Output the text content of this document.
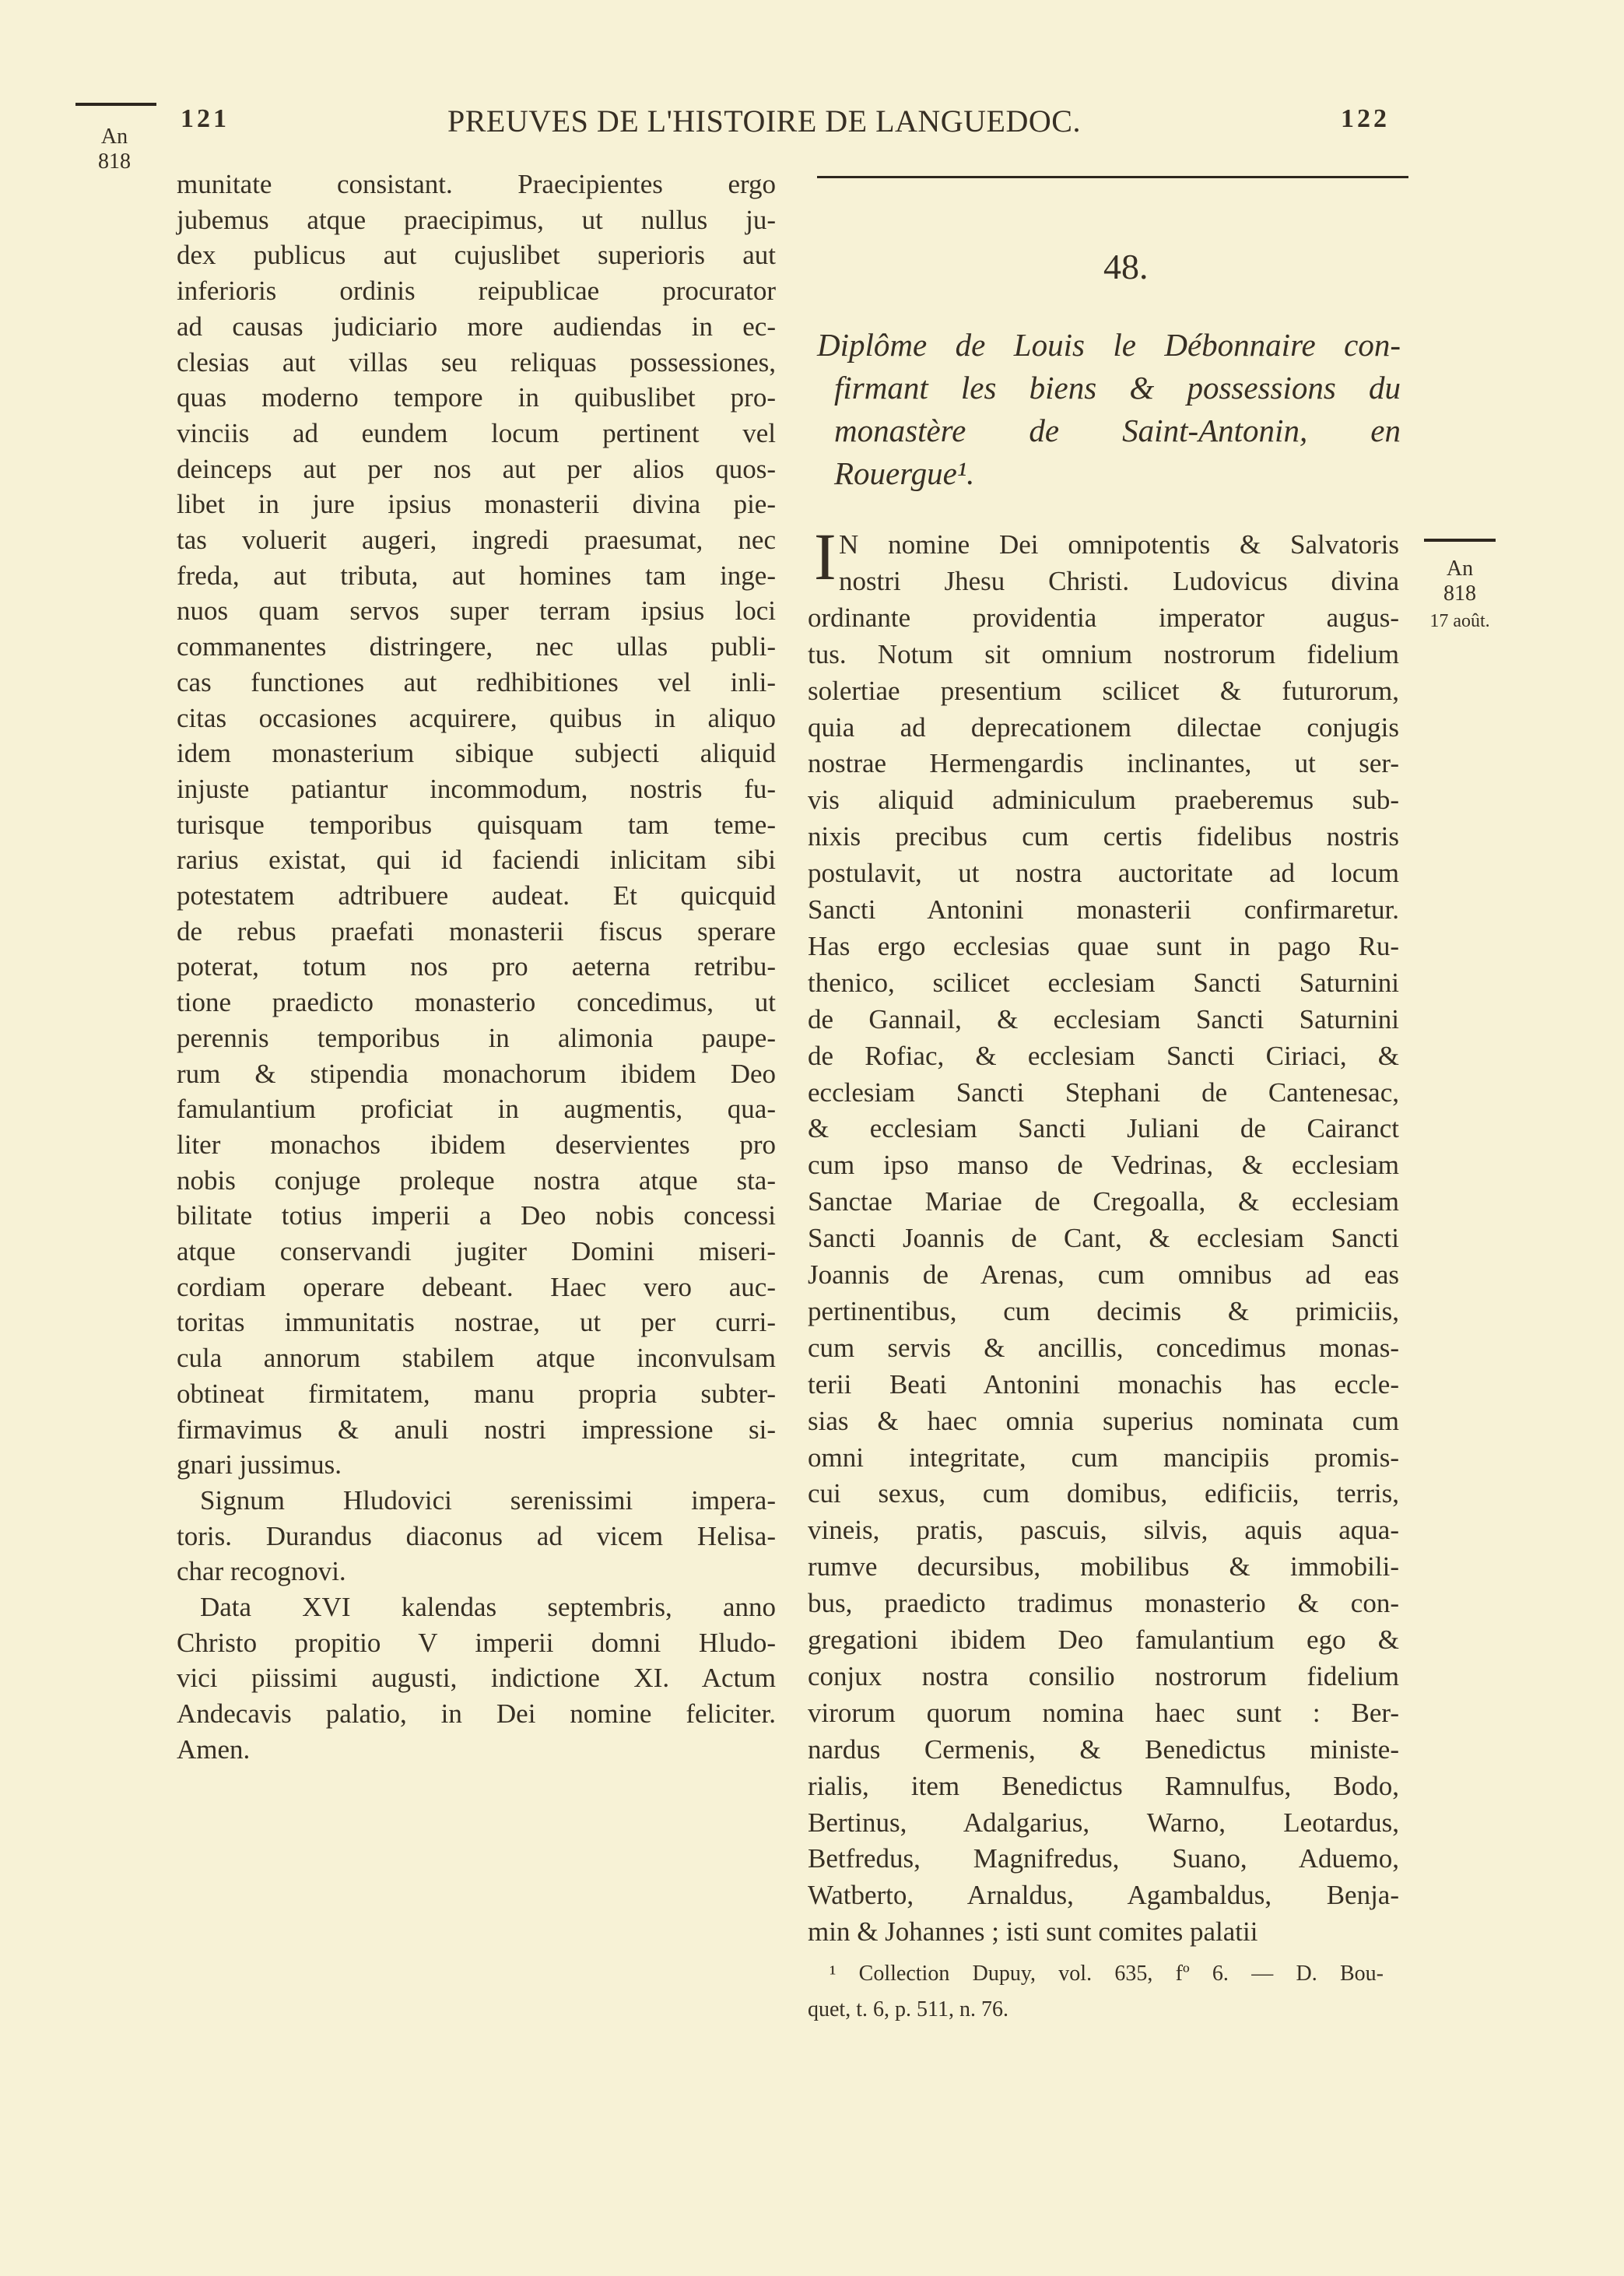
121	PREUVES DE L'HISTOIRE DE LANGUEDOC.	122
An
818
munitate consistant. Praecipientes ergo
jubemus atque praecipimus, ut nullus ju-
dex publicus aut cujuslibet superioris aut
inferioris ordinis reipublicae procurator
ad causas judiciario more audiendas in ec-
clesias aut villas seu reliquas possessiones,
quas moderno tempore in quibuslibet pro-
vinciis ad eundem locum pertinent vel
deinceps aut per nos aut per alios quos-
libet in jure ipsius monasterii divina pie-
tas voluerit augeri, ingredi praesumat, nec
freda, aut tributa, aut homines tam inge-
nuos quam servos super terram ipsius loci
commanentes distringere, nec ullas publi-
cas functiones aut redhibitiones vel inli-
citas occasiones acquirere, quibus in aliquo
idem monasterium sibique subjecti aliquid
injuste patiantur incommodum, nostris fu-
turisque temporibus quisquam tam teme-
rarius existat, qui id faciendi inlicitam sibi
potestatem adtribuere audeat. Et quicquid
de rebus praefati monasterii fiscus sperare
poterat, totum nos pro aeterna retribu-
tione praedicto monasterio concedimus, ut
perennis temporibus in alimonia paupe-
rum & stipendia monachorum ibidem Deo
famulantium proficiat in augmentis, qua-
liter monachos ibidem deservientes pro
nobis conjuge proleque nostra atque sta-
bilitate totius imperii a Deo nobis concessi
atque conservandi jugiter Domini miseri-
cordiam operare debeant. Haec vero auc-
toritas immunitatis nostrae, ut per curri-
cula annorum stabilem atque inconvulsam
obtineat firmitatem, manu propria subter-
firmavimus & anuli nostri impressione si-
gnari jussimus.
Signum Hludovici serenissimi impera-
toris. Durandus diaconus ad vicem Helisa-
char recognovi.
Data XVI kalendas septembris, anno
Christo propitio V imperii domni Hludo-
vici piissimi augusti, indictione XI. Actum
Andecavis palatio, in Dei nomine feliciter.
Amen.
48.
Diplôme de Louis le Débonnaire con-
firmant les biens & possessions du
monastère de Saint-Antonin, en
Rouergue¹.
I N nomine Dei omnipotentis & Salvatoris
nostri Jhesu Christi. Ludovicus divina
ordinante providentia imperator augus-
tus. Notum sit omnium nostrorum fidelium
solertiae presentium scilicet & futurorum,
quia ad deprecationem dilectae conjugis
nostrae Hermengardis inclinantes, ut ser-
vis aliquid adminiculum praeberemus sub-
nixis precibus cum certis fidelibus nostris
postulavit, ut nostra auctoritate ad locum
Sancti Antonini monasterii confirmaretur.
Has ergo ecclesias quae sunt in pago Ru-
thenico, scilicet ecclesiam Sancti Saturnini
de Gannail, & ecclesiam Sancti Saturnini
de Rofiac, & ecclesiam Sancti Ciriaci, &
ecclesiam Sancti Stephani de Cantenesac,
& ecclesiam Sancti Juliani de Cairanct
cum ipso manso de Vedrinas, & ecclesiam
Sanctae Mariae de Cregoalla, & ecclesiam
Sancti Joannis de Cant, & ecclesiam Sancti
Joannis de Arenas, cum omnibus ad eas
pertinentibus, cum decimis & primiciis,
cum servis & ancillis, concedimus monas-
terii Beati Antonini monachis has eccle-
sias & haec omnia superius nominata cum
omni integritate, cum mancipiis promis-
cui sexus, cum domibus, edificiis, terris,
vineis, pratis, pascuis, silvis, aquis aqua-
rumve decursibus, mobilibus & immobili-
bus, praedicto tradimus monasterio & con-
gregationi ibidem Deo famulantium ego &
conjux nostra consilio nostrorum fidelium
virorum quorum nomina haec sunt : Ber-
nardus Cermenis, & Benedictus ministe-
rialis, item Benedictus Ramnulfus, Bodo,
Bertinus, Adalgarius, Warno, Leotardus,
Betfredus, Magnifredus, Suano, Aduemo,
Watberto, Arnaldus, Agambaldus, Benja-
min & Johannes ; isti sunt comites palatii
¹ Collection Dupuy, vol. 635, fº 6. — D. Bou-
quet, t. 6, p. 511, n. 76.
An
818
17 août.
